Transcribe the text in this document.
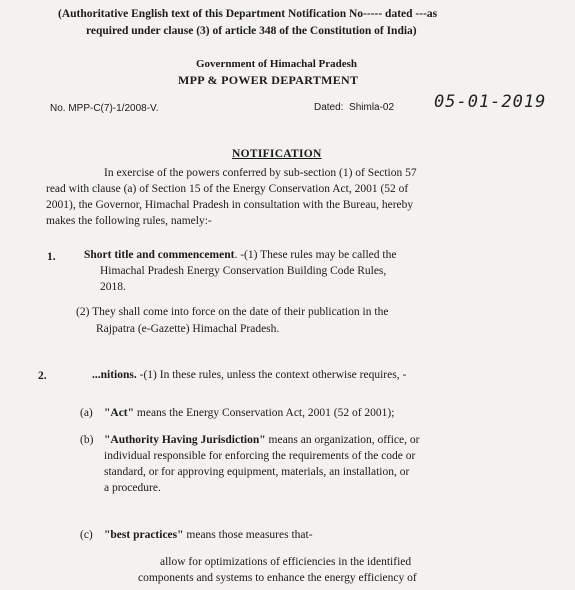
(Authoritative English text of this Department Notification No----- dated ---as
required under clause (3) of article 348 of the Constitution of India)
Government of Himachal Pradesh
MPP & POWER DEPARTMENT
No. MPP-C(7)-1/2008-V.	Dated: Shimla-02 05-01-2019
NOTIFICATION
In exercise of the powers conferred by sub-section (1) of Section 57
read with clause (a) of Section 15 of the Energy Conservation Act, 2001 (52 of
2001), the Governor, Himachal Pradesh in consultation with the Bureau, hereby
makes the following rules, namely:-
1. Short title and commencement. -(1) These rules may be called the
Himachal Pradesh Energy Conservation Building Code Rules,
2018.
(2) They shall come into force on the date of their publication in the
Rajpatra (e-Gazette) Himachal Pradesh.
2.	...nitions. -(1) In these rules, unless the context otherwise requires, -
(a) "Act" means the Energy Conservation Act, 2001 (52 of 2001);
(b) "Authority Having Jurisdiction" means an organization, office, or
individual responsible for enforcing the requirements of the code or
standard, or for approving equipment, materials, an installation, or
a procedure.
(c) "best practices" means those measures that-
allow for optimizations of efficiencies in the identified
components and systems to enhance the energy efficiency of
